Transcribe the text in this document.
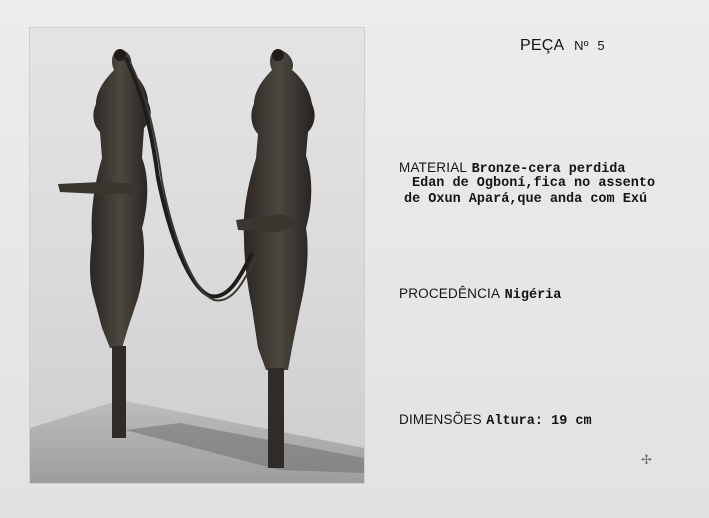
PEÇA Nº 5
MATERIAL Bronze-cera perdida
Edan de Ogboní,fica no assento
de Oxun Apará,que anda com Exú
PROCEDÊNCIA Nigéria
DIMENSÕES Altura: 19 cm
✢
